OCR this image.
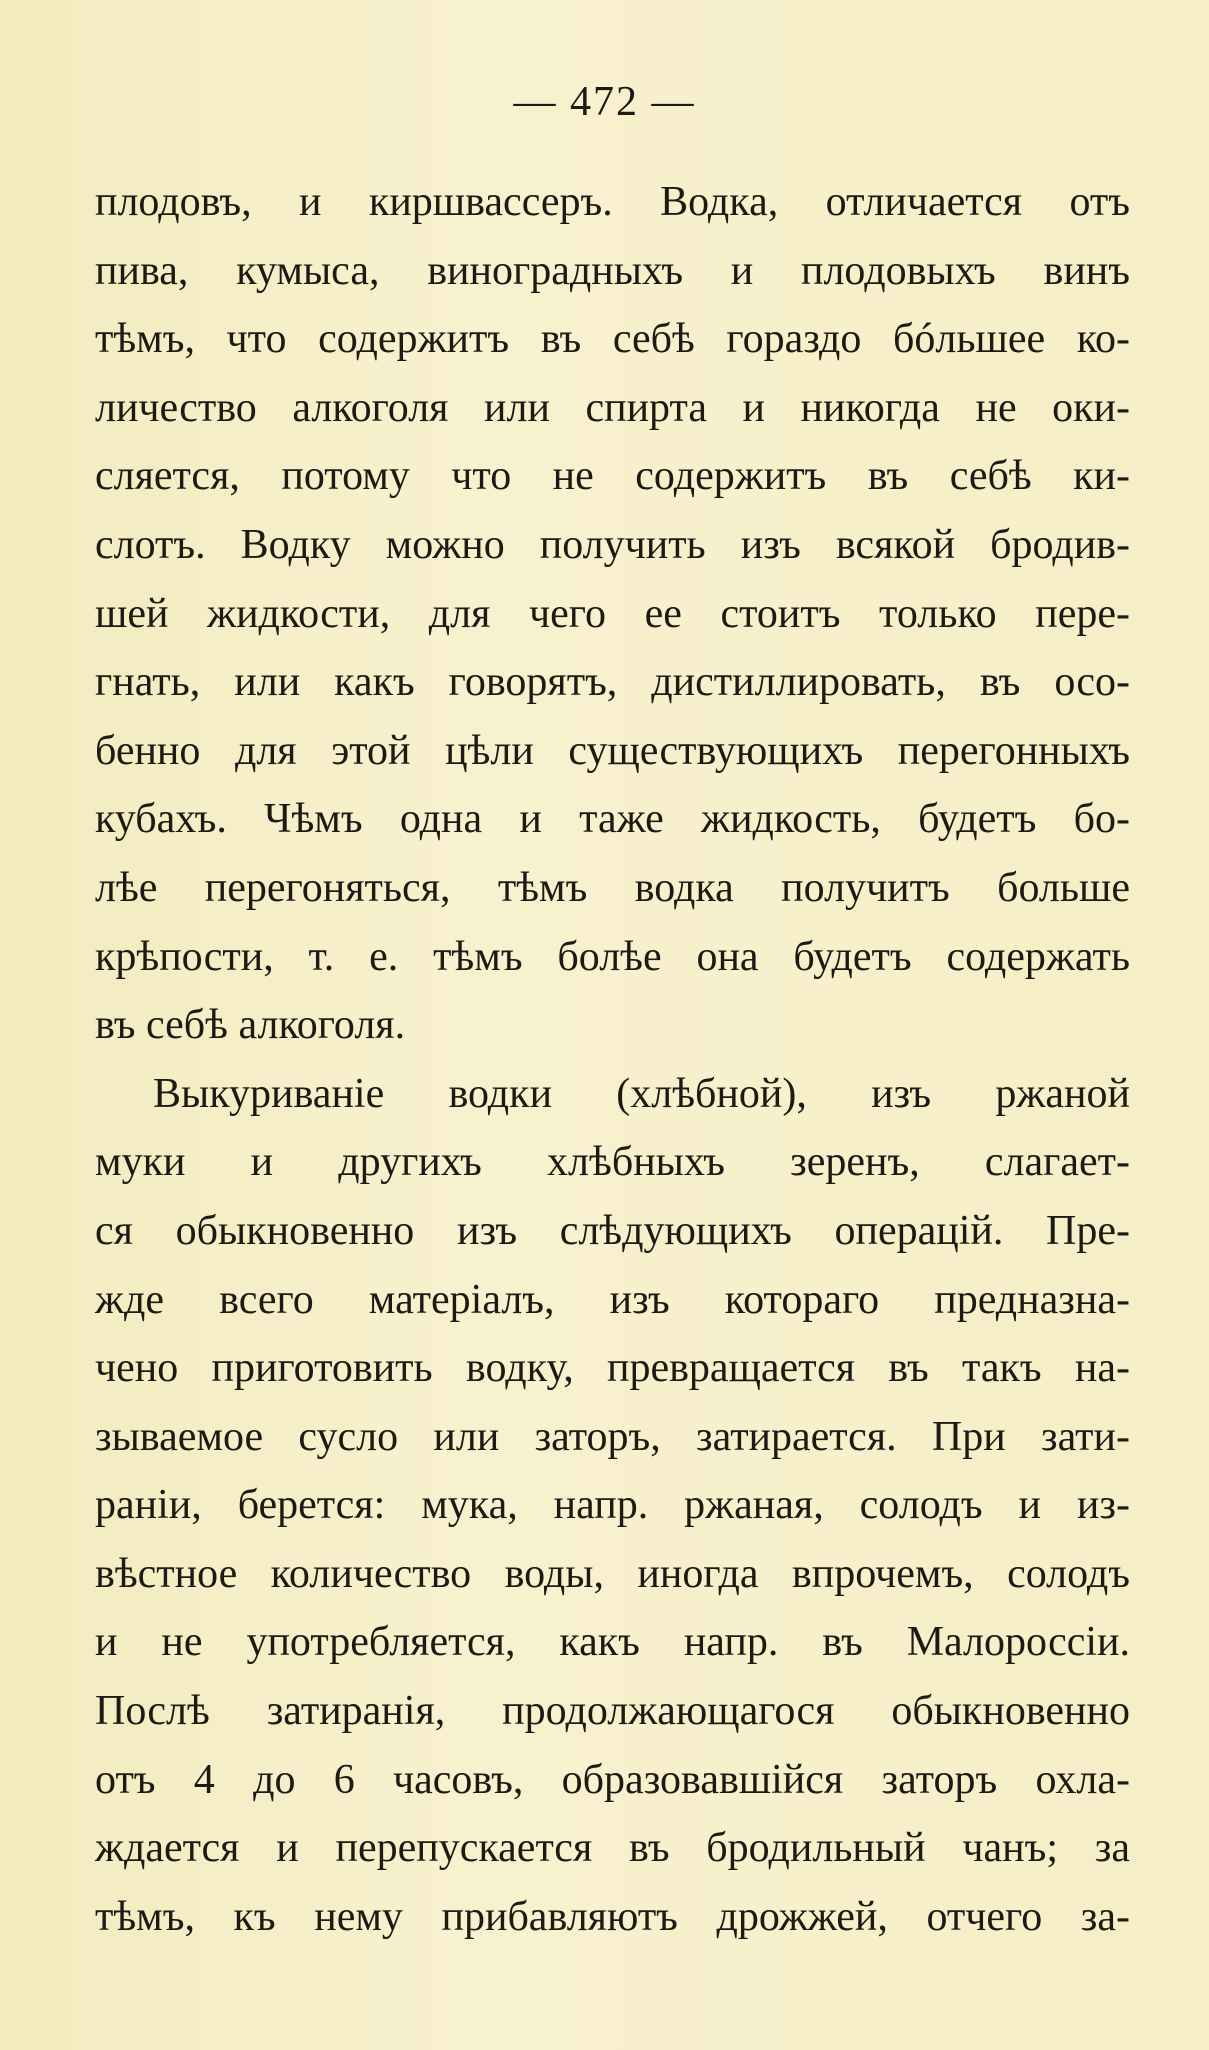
— 472 —
плодовъ, и киршвассеръ. Водка, отличается отъ
пива, кумыса, виноградныхъ и плодовыхъ винъ
тѣмъ, что содержитъ въ себѣ гораздо бóльшее ко-
личество алкоголя или спирта и никогда не оки-
сляется, потому что не содержитъ въ себѣ ки-
слотъ. Водку можно получить изъ всякой бродив-
шей жидкости, для чего ее стоитъ только пере-
гнать, или какъ говорятъ, дистиллировать, въ осо-
бенно для этой цѣли существующихъ перегонныхъ
кубахъ. Чѣмъ одна и таже жидкость, будетъ бо-
лѣе перегоняться, тѣмъ водка получитъ больше
крѣпости, т. е. тѣмъ болѣе она будетъ содержать
въ себѣ алкоголя.
Выкуриваніе водки (хлѣбной), изъ ржаной
муки и другихъ хлѣбныхъ зеренъ, слагает-
ся обыкновенно изъ слѣдующихъ операцій. Пре-
жде всего матеріалъ, изъ котораго предназна-
чено приготовить водку, превращается въ такъ на-
зываемое сусло или заторъ, затирается. При зати-
раніи, берется: мука, напр. ржаная, солодъ и из-
вѣстное количество воды, иногда впрочемъ, солодъ
и не употребляется, какъ напр. въ Малороссіи.
Послѣ затиранія, продолжающагося обыкновенно
отъ 4 до 6 часовъ, образовавшійся заторъ охла-
ждается и перепускается въ бродильный чанъ; за
тѣмъ, къ нему прибавляютъ дрожжей, отчего за-
